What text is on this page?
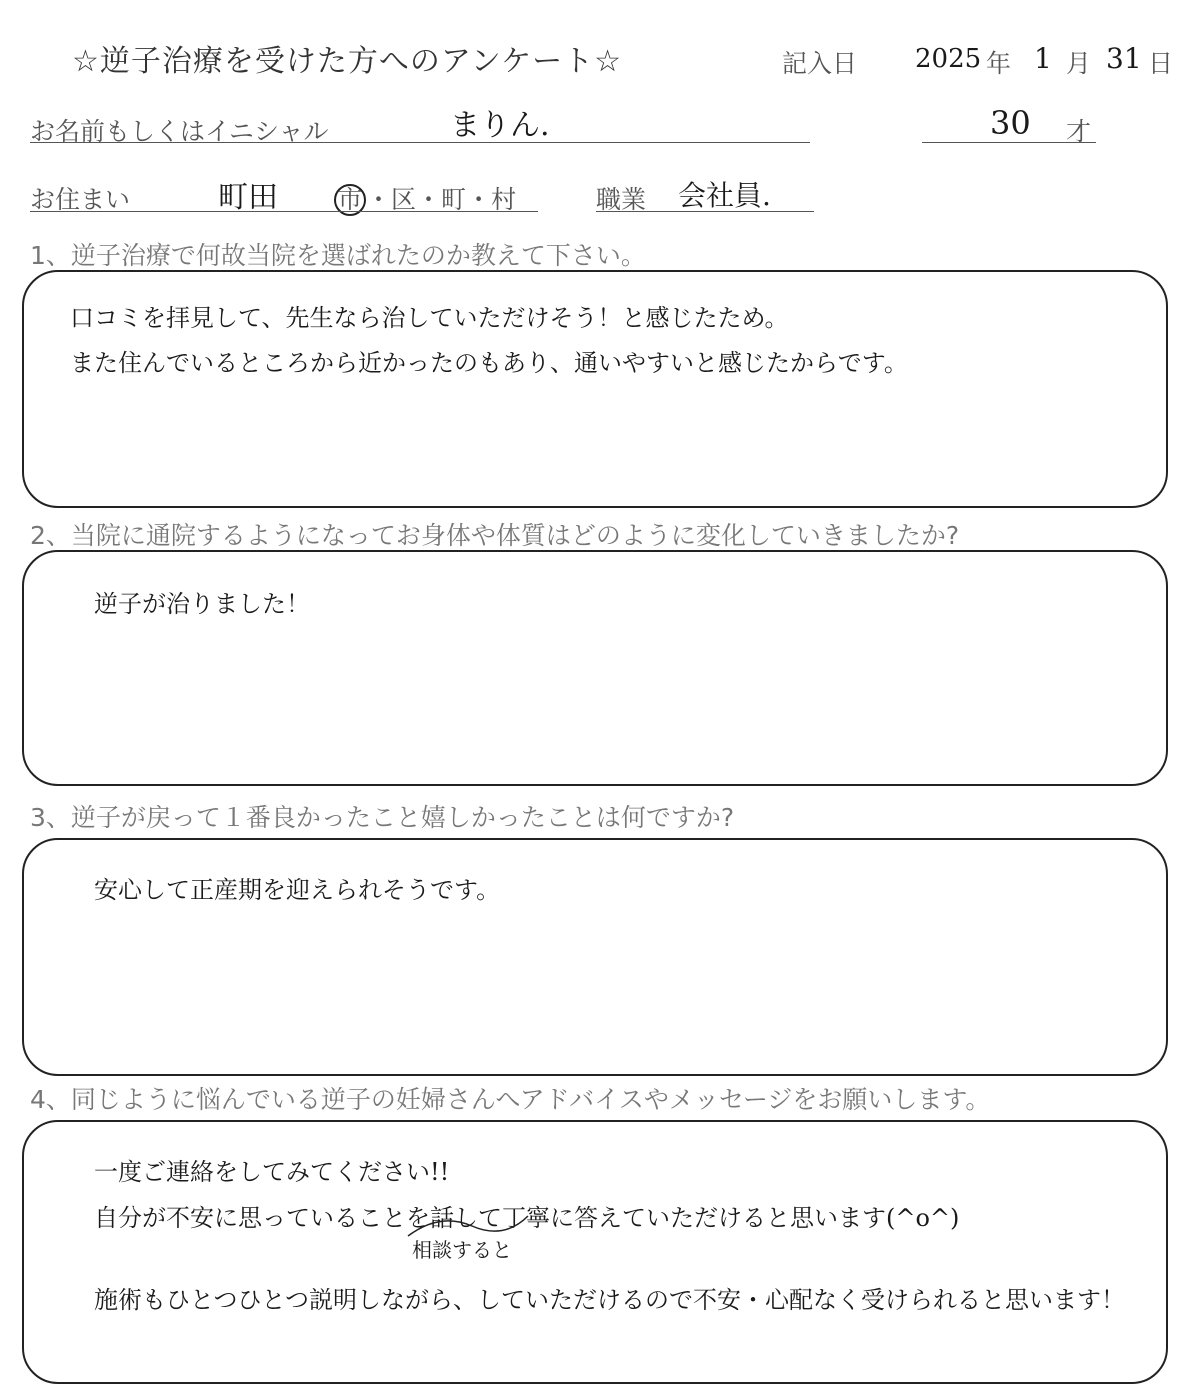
☆逆子治療を受けた方へのアンケート☆	記入日 2025 年 1 月 31 日
お名前もしくはイニシャル	まりん.	30 才
お住まい	町田 市 ・区・町・村	職業 会社員.
1、逆子治療で何故当院を選ばれたのか教えて下さい。
口コミを拝見して、先生なら治していただけそう！と感じたため。
また住んでいるところから近かったのもあり、通いやすいと感じたからです。
2、当院に通院するようになってお身体や体質はどのように変化していきましたか?
逆子が治りました！
3、逆子が戻って１番良かったこと嬉しかったことは何ですか?
安心して正産期を迎えられそうです。
4、同じように悩んでいる逆子の妊婦さんへアドバイスやメッセージをお願いします。
一度ご連絡をしてみてください!!
自分が不安に思っていることを話して丁寧に答えていただけると思います(^o^)
相談すると
施術もひとつひとつ説明しながら、していただけるので不安・心配なく受けられると思います！
